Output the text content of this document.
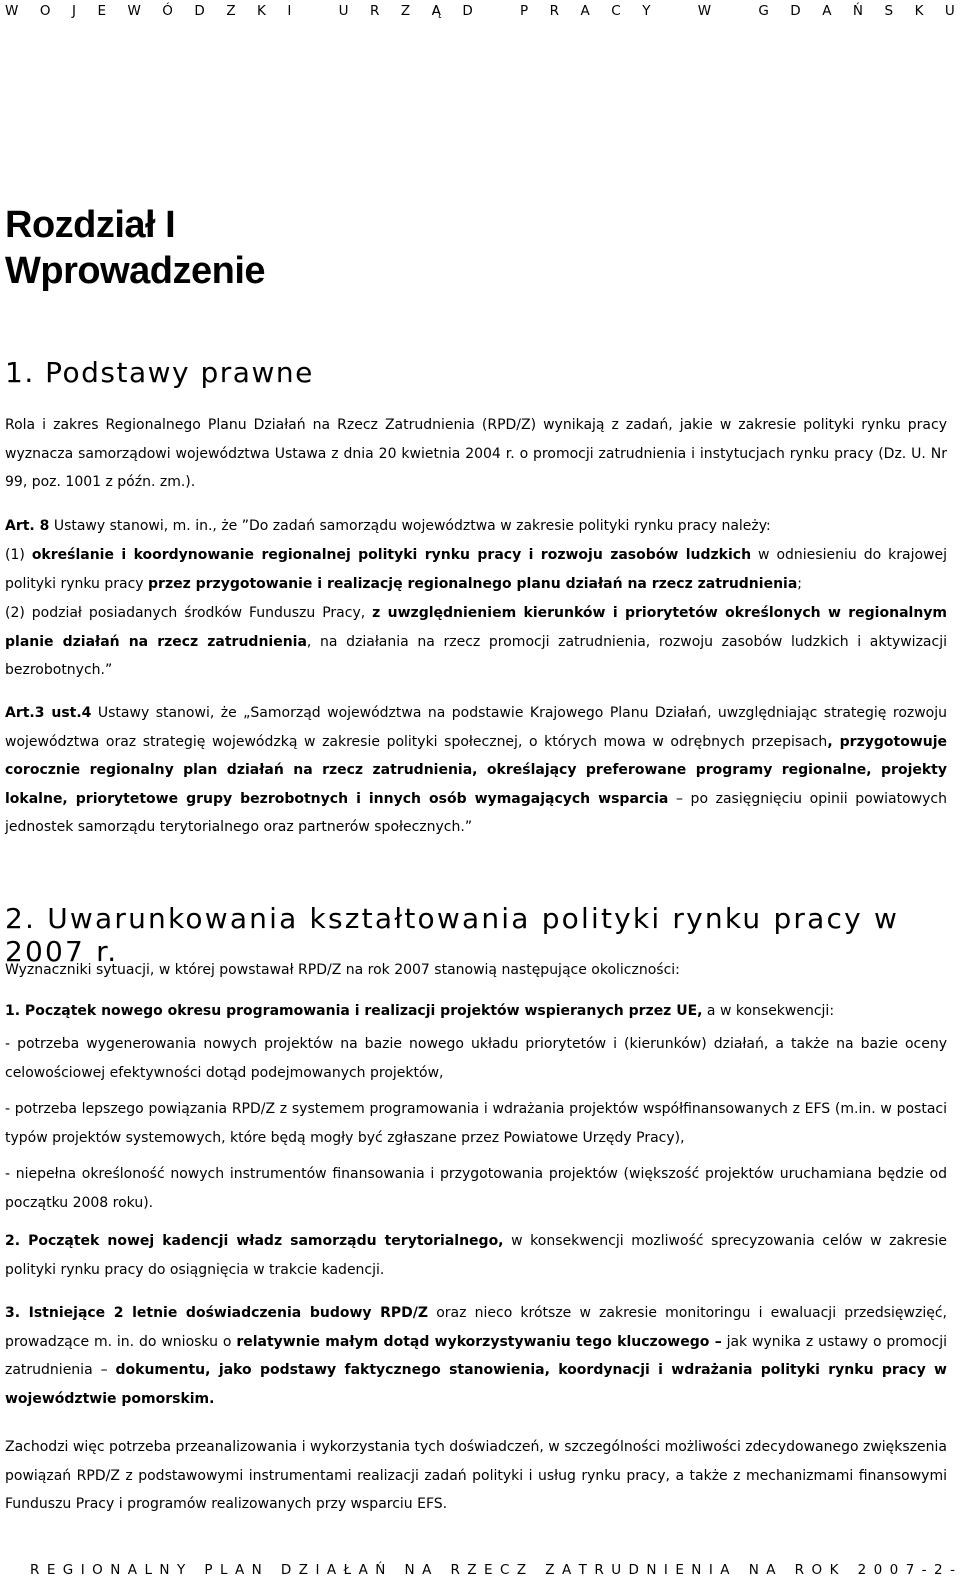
W O J E W Ó D Z K I
	U R Z Ą D
	P R A C Y
	W
	G D A Ń S K U
Rozdział I
Wprowadzenie
1. Podstawy prawne

Rola i zakres Regionalnego Planu Działań na Rzecz Zatrudnienia (RPD/Z) wynikają z zadań, jakie w zakresie polityki rynku pracy wyznacza samorządowi województwa Ustawa z dnia 20 kwietnia 2004 r. o promocji zatrudnienia i instytucjach rynku pracy (Dz. U. Nr 99, poz. 1001 z późn. zm.).

Art. 8 Ustawy stanowi, m. in., że ”Do zadań samorządu województwa w zakresie polityki rynku pracy należy:

(1) określanie i koordynowanie regionalnej polityki rynku pracy i rozwoju zasobów ludzkich w odniesieniu do krajowej polityki rynku pracy przez przygotowanie i realizację regionalnego planu działań na rzecz zatrudnienia;

(2) podział posiadanych środków Funduszu Pracy, z uwzględnieniem kierunków i priorytetów określonych w regionalnym planie działań na rzecz zatrudnienia, na działania na rzecz promocji zatrudnienia, rozwoju zasobów ludzkich i aktywizacji bezrobotnych.”

Art.3 ust.4 Ustawy stanowi, że „Samorząd województwa na podstawie Krajowego Planu Działań, uwzględniając strategię rozwoju województwa oraz strategię wojewódzką w zakresie polityki społecznej, o których mowa w odrębnych przepisach, przygotowuje corocznie regionalny plan działań na rzecz zatrudnienia, określający preferowane programy regionalne, projekty lokalne, priorytetowe grupy bezrobotnych i innych osób wymagających wsparcia – po zasięgnięciu opinii powiatowych jednostek samorządu terytorialnego oraz partnerów społecznych.”

2. Uwarunkowania kształtowania polityki rynku pracy w 2007 r.

Wyznaczniki sytuacji, w której powstawał RPD/Z na rok 2007 stanowią następujące okoliczności:

1. Początek nowego okresu programowania i realizacji projektów wspieranych przez UE, a w konsekwencji:

- potrzeba wygenerowania nowych projektów na bazie nowego układu priorytetów i (kierunków) działań, a także na bazie oceny celowościowej efektywności dotąd podejmowanych projektów,

- potrzeba lepszego powiązania RPD/Z z systemem programowania i wdrażania projektów współfinansowanych z EFS (m.in. w postaci typów projektów systemowych, które będą mogły być zgłaszane przez Powiatowe Urzędy Pracy),

- niepełna określoność nowych instrumentów finansowania i przygotowania projektów (większość projektów uruchamiana będzie od początku 2008 roku).

2. Początek nowej kadencji władz samorządu terytorialnego, w konsekwencji mozliwość sprecyzowania celów w zakresie polityki rynku pracy do osiągnięcia w trakcie kadencji.

3. Istniejące 2 letnie doświadczenia budowy RPD/Z oraz nieco krótsze w zakresie monitoringu i ewaluacji przedsięwzięć, prowadzące m. in. do wniosku o relatywnie małym dotąd wykorzystywaniu tego kluczowego – jak wynika z ustawy o promocji zatrudnienia – dokumentu, jako podstawy faktycznego stanowienia, koordynacji i wdrażania polityki rynku pracy w województwie pomorskim.

Zachodzi więc potrzeba przeanalizowania i wykorzystania tych doświadczeń, w szczególności możliwości zdecydowanego zwiększenia powiązań RPD/Z z podstawowymi instrumentami realizacji zadań polityki i usług rynku pracy, a także z mechanizmami finansowymi Funduszu Pracy i programów realizowanych przy wsparciu EFS.

R E G I O N A L N Y
P L A N
D Z I A Ł A Ń
N A
R Z E C Z
Z A T R U D N I E N I A
N A
R O K
2 0 0 7 - 2 -
